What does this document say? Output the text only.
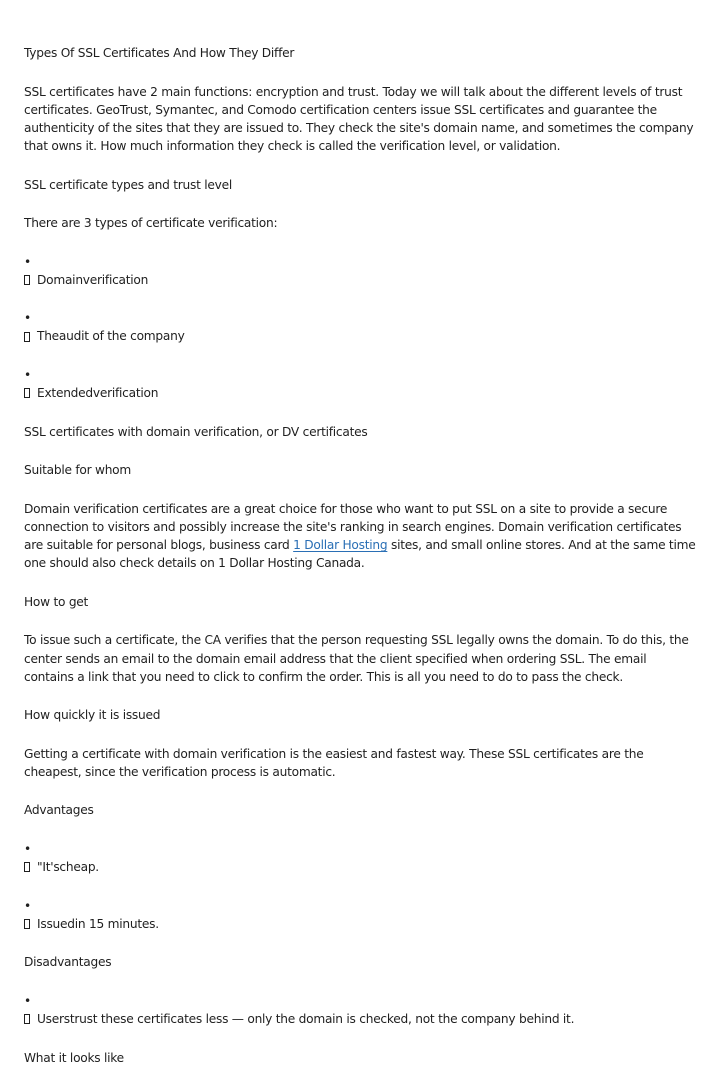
Types Of SSL Certificates And How They Differ

SSL certificates have 2 main functions: encryption and trust. Today we will talk about the different levels of trust certificates. GeoTrust, Symantec, and Comodo certification centers issue SSL certificates and guarantee the authenticity of the sites that they are issued to. They check the site's domain name, and sometimes the company that owns it. How much information they check is called the verification level, or validation.

SSL certificate types and trust level

There are 3 types of certificate verification:

•Domainverification

•Theaudit of the company

•Extendedverification

SSL certificates with domain verification, or DV certificates

Suitable for whom

Domain verification certificates are a great choice for those who want to put SSL on a site to provide a secure connection to visitors and possibly increase the site's ranking in search engines. Domain verification certificates are suitable for personal blogs, business card 1 Dollar Hosting sites, and small online stores. And at the same time one should also check details on 1 Dollar Hosting Canada.

How to get

To issue such a certificate, the CA verifies that the person requesting SSL legally owns the domain. To do this, the center sends an email to the domain email address that the client specified when ordering SSL. The email contains a link that you need to click to confirm the order. This is all you need to do to pass the check.

How quickly it is issued

Getting a certificate with domain verification is the easiest and fastest way. These SSL certificates are the cheapest, since the verification process is automatic.

Advantages

•"It'scheap.

•Issuedin 15 minutes.

Disadvantages

•Userstrust these certificates less — only the domain is checked, not the company behind it.

What it looks like
